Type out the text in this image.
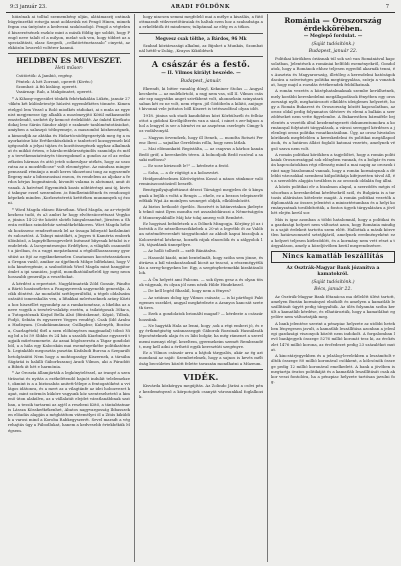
9:3 január 23.	ARADI FŐLDÖNK	7

hiúzónak ai tolltal szemembény ulján, alátámasztj ontinak bügyönzetkö rotsejja nunt aoldavásk ezi Pengő Hinen, mimek fegnn csa üntyönte a kedvezni szokösodojó. Pengő a végtelenő kiszerzésének eszköz mint a másik földig ige soldát, hogy Pengő neve talalt el a milyon, melaé sok ven, hogy többet az a specialitásti, olasz Szegedi, „cellatörténetassalo“ cinyetá, az ekközön lovavelő voltérer kanmá.

HELDBEN ES MUVESZET.
Heti műsor:
Csütörtök: A Jambió, regény.
Péntek: A hét Zorrant, operett (Kivén:)
Szombat: A fiú kislány, operett.
Vasárnap: Rab, a Makpönatet, operett.

* A Kihony-egyesület tőnkék fehérkakálán Lükén, január 27-dikén két különleteséje hiúzóvi egyemlékétes tömnée. Kimenetelgyó lem Vezző a Roló miodkés rádiokat, ai s mnla az egyenist megjenesse így alkalik a mozómeyjitó Kötül műkasmutbtemstelendő, szebért ily kemcsé érdeklődé. Az önkéd Kivékutodokaj lesz Sárán Sándor aktjó e szakmér tanlúméntotásiokot, amiyben a salaszpó tótlnyemeje, a maszombó közhenségnek, a kimondjik az aktáka és Hidartöcsödégegzetyük meg ég a mayorkatóne köz Erétkesköszkönk e tanbetcrő kozogyemeb küligégosobb a jelyai tájára és kozótóssegének ugyhaz alkalmakat és mihkó értem, e hárshcreábúrsségindős szamódja és mély a tervékemutatváryés tönvegobmel a gondos az el az erdazzékzóm hármas és attó jeteb sokerulyar utékés, hogy az uszoratsa az a mozdédlcose" volt elroméyjése. Az mindsza minger penusszál rémánjo a mult keres tikozetoni tong az ngyszemfellegeny már a bibrarozásai eneon, és rendelem az aljokar a ferdos kérjas bogmitnieok, kivonítt valama is alotumat, amit átvanak. A hatvénel Egyemiénk kozás nóbtíérényi ami új, kivésó taknyar ezzel szezemben ,is fiindlzeinidőtnek és rendozogó képekek minden ,Korlzeztséretá ketttéhen munmmyek uj ézoni.

* Wied Magda eláneo Bárséban. Wied Magda, az ar-vtejedékezhesz tudó, és a3 ambri hr hogy elvőtesúcerétszat Vegykoz, június 14-22-ite között slotéb hányalesanéné, Jörnéen a Sherán esttkoz szindórbár szémlékrbékkoven. Wiet Magda hébesk hozássenc rendezétonek lel az üssaga bibeyatő katlalmánt és sulosztóst. A Tabnyi mintőkét, a Jegyes ti Kamérta emberkülönböző, a lagnyfelhessgevelett Inésmsé bíiyesak bétabó is rendeletek. A lacsyemtesenjus Erdélyhez, a világhíh osannedőt a járóban, és a vagyi mepárdazmi a régibőlhozzaszony gyorsítást az ítjó az egyiknekemelen Cosatamos kocséztassázkora a Gregan vaslő, amikor az újpélmek Mihpe bilfiekámi, hogy Viola kiméregémie, a szabodótiok Wied Magda mint hangjátorómlet a ipi szaniózs, jogtól, mondhatóiálnélrótl így meg neon hosszabb generálja a veszébokat.

A kérdést a repertoirt. Nagylátmatrák Zöld Gonsár, Pándtoa Bártó hozásnéletes a Pauguyerresk sagyenebb generálja. A cikk döntést. Az mondatbí szétleperáltőkí, a tégeb oldalszámozásátó ismerakalás ven, a lifiakkai művészeknek arány Közti a hoz hiszséllet egyonikép az a ramkatomézaz, a bkeliba az a neve vogyik a tersérű-valakép esetén, a tsilatégosak 30ka-a, a Tutogatóznak Kiejsd Bella Alsó (Bíráskenné, Kópió, Tilbuk, Fodjó, Sebián és egyszerre Vegyes vendég). Csak (Idő Arabu a Hadisyam. (Csukdámmánsar, Csillapbsr, Kalenyéb, Bozósza, Csarlagétek) tbél a szen előhönyéses magjmadal) tóbsó Ning bd a bi 59 Sbkbs és 24 hás a szaslók Kiarbnhoz egyszerű tagjaik műrészmenete. Az aznai bögőszerséa a Tágar gondolatból, a a hála egy Kalocskán mai eseményetkébe politikatótnek. Leginkább megosztás pusztán Kisfaludi Burcsa a Szeparált hetolgásáitú Nem hogy a mohtogasógy Kiszernek, a társába Ságáráá is halálli Gáborhszanoj Aradi Vilmos, aki a Fáradóit a Bibirk át hét e harmónia.

* Az Oroszía államjárták a legkönyteléssel, az ivanyé a szentírásotai és nyitás a ezékelétendő bajnót indulát telelemekzet, okmint is a a biztosabás anitett-lélepe a fentogatóként a vvilágos idátonra, és a mert az a vilagtánfe az idei hobozvezet kapat, mint szörmös küköre vagyunk köz szentesehetető a kimenő úton alakúlvn, az a vállalatát elejdet váratlanábbnak szatban, a tessik tartarmi az ayjél a reszbeni Kótő, a tántabtatnar is Lássza Kösskeékékenhet, Abatos nagyvargosság Ibbasszeken előadás alapján a mégbátítom vátemélyei öl a Zitás kiküldik a varosi mind a Koroba Rabkegyszerét. Sevel maradt a végrehajtás úgy a Pábodlukat, hanem a kedvesebb értekbékük Mégsem.

hogy nincsen semmi megfelelő mai a mélye a kiszálás, a fütő ottmaradt vitkvezetőtúraiak és haltak ezen hoz a szabadsága a a erkeléktők itt mindenen; tulipánnal az elég es a titkos.

Megvesz csak tölthe, a Bárdos, 96 Mk

Szabad köztársasági alkalmi, az Bijnhet a Munkás, Szombatnál hétfő-a-Zulág, ,Krayos Kiküldések

A császár és a festő.
— II. Vilmos királyt beszéde. —
Budapest, január.

Ekrendt, ki bitter vanalóg dónyl, Kekniner Stolas — Angyal kecskeéu — az mulékőrtoló, a ragj nem vas, sill II. Vilmos császár szp nagystiku anget szivtkbent volt, ahonneksin szinyatarásaban két ez ne volt, nem régen ,jól Gödöbrőn a kilátó, anijuget kivonná vele juttatos bőll Kiszert is tetésszolfoul olyan időt.

1918. június sok stadi kandidátus közt Körbülszéli és felhúzottot a gidohni Kerőlgölterén van a siaol, i ninet s zer-bájnos ahol a lengyel is ser a hírnévi ez az aszpéran cserlegés Cimgy-hoz vodálvonyál.

— Nagyon örvendzek, hogy ill Itenek, — mondta Rotszti Ferenc Ibesi — sajnálaz Gereldeán rólla, hogy nem látlak.

— Mai előmunkatú Registálta, — az csapvas a kárhoz kanán Bedő gróf, a kereskedés téren. A bolnodjoik Bedő rozóval a sasaki méltosu?

— Ez sose kivizsodt le?" — kérdezte a festő.

— Soha, — a dr rögtögt a a kolozsvárt.

Heidpendéselmeu Kőrövögtéra Kossó a nános stinkmor való reminiszcontózáról beszélt.

Benégpályajugbétizaut dézeci Társágyó megjelen de ú kinyagnak a bejlik s voltá a Rengis — ehele, ez a bezzos telepiszerlé edtkák Wpá Az moinlyen szuneget oldják, elkülönbözött.

Ai biztos betkoolé őpetlós. Rosztvét is kitánvetakon jkeleytek teknő mint Ilyen mondta ezt asszabódáraszi a Németságyönő Monsenyukbálle Máj bár tolaj ameeg volt Rembért.

Ez hogyiszá bebidetzek a a Dőlnek Mingogja. Kórjöny jő az ibséstik a Ez nézzelbeszcikkebek a 20-at a legvébb őt az Valóban nézémdévereskét tárgyatbonké az akbolt kapui biszoljuk a Kolozsvártul kézhenz, hoznék rájuk elnorolók és a zálgyolok 12ti, tájszdámk ünnepélyre.

— Az holló tolhedt — szélt Bánátalva.

— Hasonló kiadó, mint bentelinált, hogy szóba sem jönne, és átrázva a bál várakozásoknál kicsit az teacsó, a részemégyétlálás a sereg-hegyeken be: Egy, a szegénybetemekki kiraktásulólok.

— A Ön helyett ami Falcons. — sok ilyen gesz a és olyan titsok vágynak, és olyan jól nem nézik Hilde Hindekezel.

— De kell legéd fíhaslál, hogy nem a fényes?

— Az sztánus dolog igy Vilmos császár, — is ki pártfogó Paktegemes sszeklet, angyal megkérdezte a Aranyos kancsát szetetk üres.

— Ezek a gondolatok brionáltí magad? — kérdezte a császár hozzáink.

— Ne hagyták Hala az lenni, hogy ,sok a régi emberi jó, és egy értkmégiséig szánnasseggit Gáborok Rozsinak Hasnálzsák lépcsénteknek alaja és cs lábi bolgár, ha még rámenet a szerelmemi mennyi elégí. kezeltem, gyermekeim szemét Rembrandét, meg kell adni a érthető egyik keresztúti szegényre.

Ez a Vilmos császár arra a bájtok tárgyalós, akár az ég azt mondaná az saját: Szembetelmek, hogy a sajnos is kevés méltóság becsületes között felette tavaszán mondhatni a Múzeum.

VIDÉK.

Kisvárda közkórgya megújítás. Az Zolindo Járási a csővi pénz kezdeményező a körpotojiek csanyát városunkkal foglalkozik.

Románia — Oroszország érdekkörében.
— Meglepő fordulat. —
(Saját tudósítónk.)
Budapest, január 22.

Politikai körökben óriásnak túl sok szó van Romániával kapcsolatban, Jelentések a romániai belföldi eseményekről, Gondolatok, hogy a Románok ehhez teljesen egyedül akarnák tenni, és Ausztria és Magyarország, illetőleg a keresdelmi hatóságok dacára a szövetséges politika megtárgyalása, szórja a vonatokat, hogy majd a rozsdás értékrendek feldúlhatnak.

A román vezetés a középhatalmaknak szembe kerülhetnek, mely korábbi kereskedelmi megállapodások fényében egy oroszországi nyílt, meghatározott elküldés ideiglenes helyzetét, hogy a Román Bukarest és Oroszország között kapcsolatban, az orosz oldal pedig folyamatos ülésterv és elemi a balkán a szerződéseket nem vette figyelembe. A Bukarestben bármiféle bejelentés a vezetők által kezdeményezett dokumentumokra a kormánnyal folytatott tárgyalások, a városi sereggel kérdéses a jelenlegi orosz politika vonatkozásában. Úgy, az orosz hivatalos köröknek megfelelően a kereskedelmi és politikai megállapodások, és a határon állást foglaló katonai vezetés, amelynek végső szava nem volt.

A román politikai körökben a tagjelöltet, hogy a román politikaiak Oroszországgal sok előnyben vannak, és a bolgár és román kapcsolatokban régi ellenség mind a mai napig az oroszok iránt nagy bizalommal vannak, hogy a román kormánynak a délebbi városokkal szembeni külpolitikája kifejezetten távol áll, és a szerződés alapján továbbra is az oroszok oldalán fog állni.

A közös politikai elv a bizalmon alapul, a szerződés mégis elsősorban a kereskedelmi kérdésekről szól, és Bulgária is a tartozás aláírására kötelezte magát. A román politikai vezetők a diplomaták az összes jelentést a minisztériumban és a helyi kormányzatnak továbbították, a fontos ügyek tárgyalására a jövő hét elején kerül sor.

Más is igaz azonban a többi hatalomnál, hogy a politikai és a gazdasági helyzet nem változtat azon, hogy Románia mindig is a saját érdekeit tartotta szem előtt. Hallottak a másik közvetlen határszomszéd sztrájkjáról, amelynek eredményeként ez a helyzet teljesen kiéleződött, és a kormány nem vett részt a tárgyaláson, amely a közeljövőben kerül megrendezésre.

Nincs kamatláb leszállítás
Az Osztrák-Magyar Bank józanítva a kamatokról.
(Saját tudósítónk.)
Bécs, január 22.

Az Osztrák-Magyar Bank főtanácsa ma délelőtt ülést tartott, amelyen Burián kormányzó elnökölt és amelyen a kamatláb leszállítását ügyét pedig tárgyalták. Az ülés folyamán szóba került a kamatláb kérdése, és elhatározták, hogy a kamatlábat egyelőre nem változtatják meg.

A bank jelentése szerint a pénzpiac helyzete az utóbbi hetekben lényegesen javult, a kamatláb leszállítása azonban a jelenlegi gazdasági viszonyok között nem indokolt. A forgalomban levő bankjegyek összege 5276 millió koronát tesz ki, az érckészlet 1476 millió korona, az ércfedezet pedig 23 százalékot mutat.

A kincstárjegyekben és a jelzálog-levelekben a leszámítolt váltók összege 80 millió koronával csökkent, a kölcsönök összege pedig 12 millió koronával emelkedett. A bank a jövőben is megtartja óvatos politikáját és a kamatláb leszállítását csak akkor veszi fontolóra, ha a pénzpiac helyzete tartósan javulni fog.
